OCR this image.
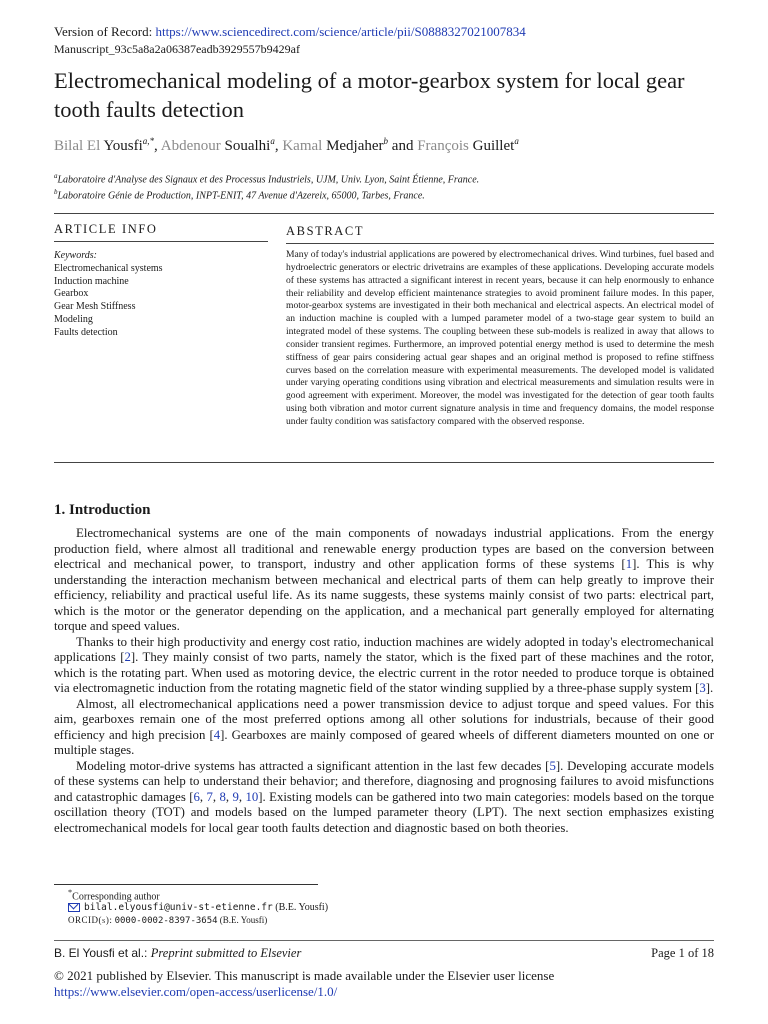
Version of Record: https://www.sciencedirect.com/science/article/pii/S0888327021007834
Manuscript_93c5a8a2a06387eadb3929557b9429af
Electromechanical modeling of a motor-gearbox system for local gear tooth faults detection
Bilal El Yousfi$^{a,*}$, Abdenour Soualhi$^a$, Kamal Medjaher$^b$ and François Guillet$^a$
$^a$Laboratoire d'Analyse des Signaux et des Processus Industriels, UJM, Univ. Lyon, Saint Étienne, France.
$^b$Laboratoire Génie de Production, INPT-ENIT, 47 Avenue d'Azereix, 65000, Tarbes, France.
ARTICLE INFO
Keywords:
Electromechanical systems
Induction machine
Gearbox
Gear Mesh Stiffness
Modeling
Faults detection
ABSTRACT
Many of today's industrial applications are powered by electromechanical drives. Wind turbines, fuel based and hydroelectric generators or electric drivetrains are examples of these applications. Developing accurate models of these systems has attracted a significant interest in recent years, because it can help enormously to enhance their reliability and develop efficient maintenance strategies to avoid prominent failure modes. In this paper, motor-gearbox systems are investigated in their both mechanical and electrical aspects. An electrical model of an induction machine is coupled with a lumped parameter model of a two-stage gear system to build an integrated model of these systems. The coupling between these sub-models is realized in away that allows to consider transient regimes. Furthermore, an improved potential energy method is used to determine the mesh stiffness of gear pairs considering actual gear shapes and an original method is proposed to refine stiffness curves based on the correlation measure with experimental measurements. The developed model is validated under varying operating conditions using vibration and electrical measurements and simulation results were in good agreement with experiment. Moreover, the model was investigated for the detection of gear tooth faults using both vibration and motor current signature analysis in time and frequency domains, the model response under faulty condition was satisfactory compared with the observed response.
1. Introduction

Electromechanical systems are one of the main components of nowadays industrial applications. From the energy production field, where almost all traditional and renewable energy production types are based on the conversion between electrical and mechanical power, to transport, industry and other application forms of these systems [1]. This is why understanding the interaction mechanism between mechanical and electrical parts of them can help greatly to improve their efficiency, reliability and practical useful life. As its name suggests, these systems mainly consist of two parts: electrical part, which is the motor or the generator depending on the application, and a mechanical part generally employed for alternating torque and speed values.

Thanks to their high productivity and energy cost ratio, induction machines are widely adopted in today's electromechanical applications [2]. They mainly consist of two parts, namely the stator, which is the fixed part of these machines and the rotor, which is the rotating part. When used as motoring device, the electric current in the rotor needed to produce torque is obtained via electromagnetic induction from the rotating magnetic field of the stator winding supplied by a three-phase supply system [3].

Almost, all electromechanical applications need a power transmission device to adjust torque and speed values. For this aim, gearboxes remain one of the most preferred options among all other solutions for industrials, because of their good efficiency and high precision [4]. Gearboxes are mainly composed of geared wheels of different diameters mounted on one or multiple stages.

Modeling motor-drive systems has attracted a significant attention in the last few decades [5]. Developing accurate models of these systems can help to understand their behavior; and therefore, diagnosing and prognosing failures to avoid misfunctions and catastrophic damages [6, 7, 8, 9, 10]. Existing models can be gathered into two main categories: models based on the torque oscillation theory (TOT) and models based on the lumped parameter theory (LPT). The next section emphasizes existing electromechanical models for local gear tooth faults detection and diagnostic based on both theories.

*Corresponding author
bilal.elyousfi@univ-st-etienne.fr (B.E. Yousfi)
ORCID(s): 0000-0002-8397-3654 (B.E. Yousfi)
B. El Yousfi et al.: Preprint submitted to Elsevier	Page 1 of 18
© 2021 published by Elsevier. This manuscript is made available under the Elsevier user license
https://www.elsevier.com/open-access/userlicense/1.0/
